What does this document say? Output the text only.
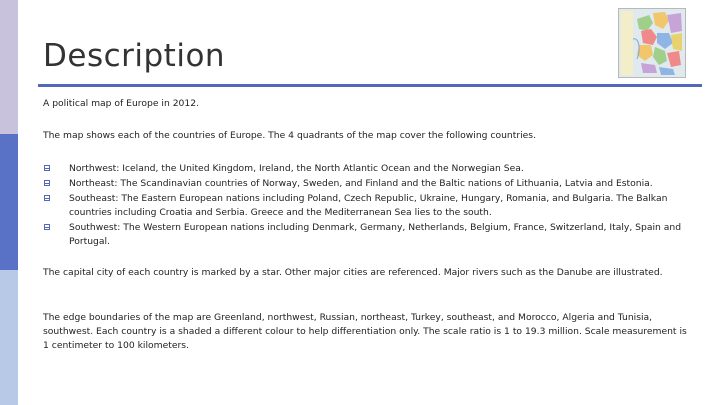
Description

A political map of Europe in 2012.

The map shows each of the countries of Europe. The 4 quadrants of the map cover the following countries.

Northwest: Iceland, the United Kingdom, Ireland, the North Atlantic Ocean and the Norwegian Sea.
Northeast: The Scandinavian countries of Norway, Sweden, and Finland and the Baltic nations of Lithuania, Latvia and Estonia.
Southeast: The Eastern European nations including Poland, Czech Republic, Ukraine, Hungary, Romania, and Bulgaria. The Balkan countries including Croatia and Serbia. Greece and the Mediterranean Sea lies to the south.
Southwest: The Western European nations including Denmark, Germany, Netherlands, Belgium, France, Switzerland, Italy, Spain and Portugal.

The capital city of each country is marked by a star. Other major cities are referenced. Major rivers such as the Danube are illustrated.

The edge boundaries of the map are Greenland, northwest, Russian, northeast, Turkey, southeast, and Morocco, Algeria and Tunisia, southwest. Each country is a shaded a different colour to help differentiation only. The scale ratio is 1 to 19.3 million. Scale measurement is 1 centimeter to 100 kilometers.
